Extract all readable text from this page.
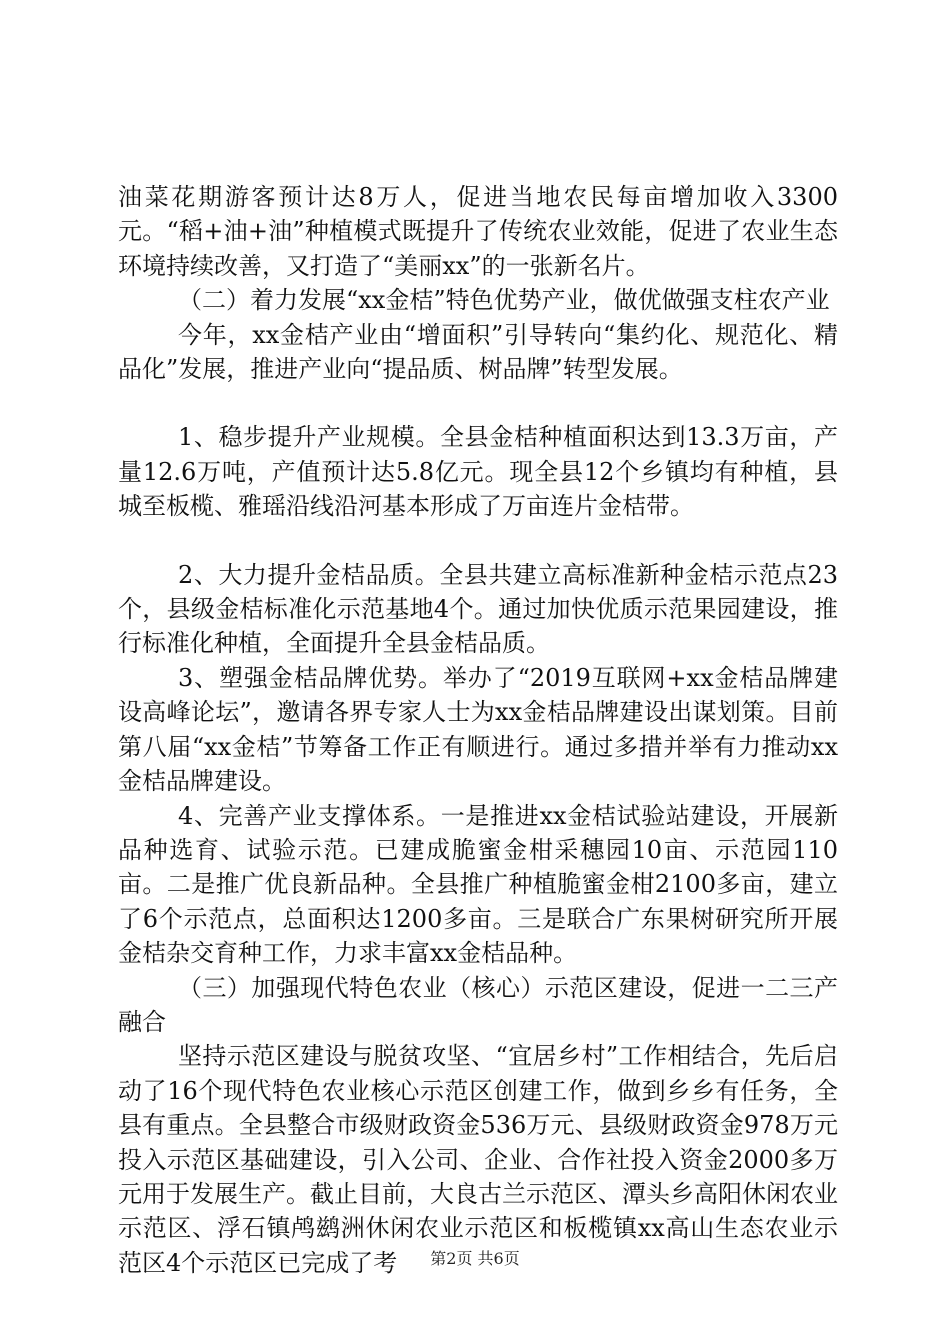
油菜花期游客预计达8万人，促进当地农民每亩增加收入3300元。“稻+油+油”种植模式既提升了传统农业效能，促进了农业生态环境持续改善，又打造了“美丽xx”的一张新名片。

（二）着力发展“xx金桔”特色优势产业，做优做强支柱农产业

今年，xx金桔产业由“增面积”引导转向“集约化、规范化、精品化”发展，推进产业向“提品质、树品牌”转型发展。

1、稳步提升产业规模。全县金桔种植面积达到13.3万亩，产量12.6万吨，产值预计达5.8亿元。现全县12个乡镇均有种植，县城至板榄、雅瑶沿线沿河基本形成了万亩连片金桔带。

2、大力提升金桔品质。全县共建立高标准新种金桔示范点23个，县级金桔标准化示范基地4个。通过加快优质示范果园建设，推行标准化种植，全面提升全县金桔品质。

3、塑强金桔品牌优势。举办了“2019互联网+xx金桔品牌建设高峰论坛”，邀请各界专家人士为xx金桔品牌建设出谋划策。目前第八届“xx金桔”节筹备工作正有顺进行。通过多措并举有力推动xx金桔品牌建设。

4、完善产业支撑体系。一是推进xx金桔试验站建设，开展新品种选育、试验示范。已建成脆蜜金柑采穗园10亩、示范园110亩。二是推广优良新品种。全县推广种植脆蜜金柑2100多亩，建立了6个示范点，总面积达1200多亩。三是联合广东果树研究所开展金桔杂交育种工作，力求丰富xx金桔品种。

（三）加强现代特色农业（核心）示范区建设，促进一二三产融合

坚持示范区建设与脱贫攻坚、“宜居乡村”工作相结合，先后启动了16个现代特色农业核心示范区创建工作，做到乡乡有任务，全县有重点。全县整合市级财政资金536万元、县级财政资金978万元投入示范区基础建设，引入公司、企业、合作社投入资金2000多万元用于发展生产。截止目前，大良古兰示范区、潭头乡高阳休闲农业示范区、浮石镇鸬鹚洲休闲农业示范区和板榄镇xx高山生态农业示范区4个示范区已完成了考	第2页 共6页
